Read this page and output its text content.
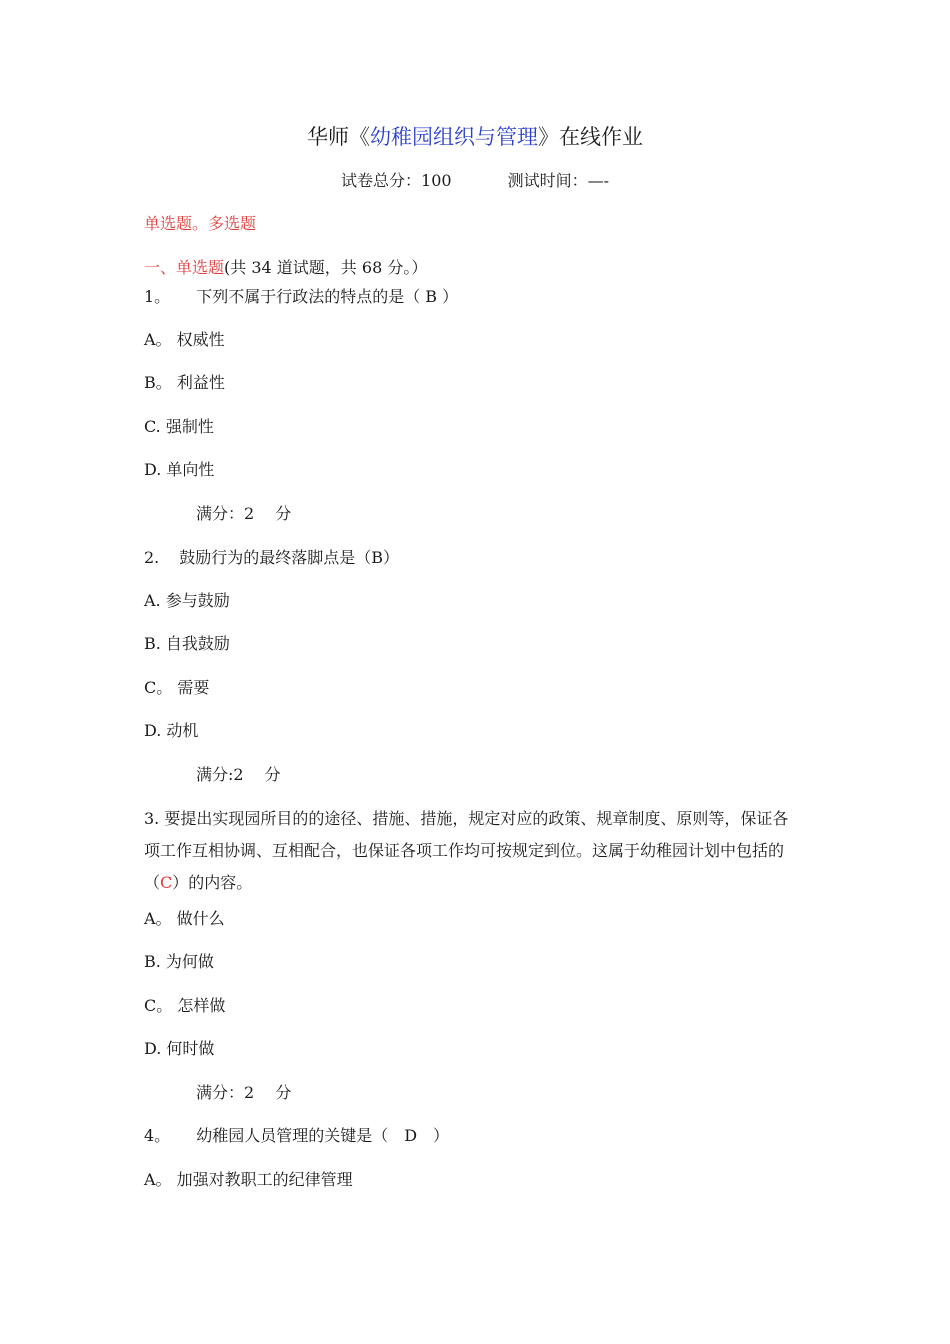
华师《幼稚园组织与管理》在线作业
试卷总分：100	测试时间：—-
单选题。多选题
一、单选题(共 34 道试题，共 68 分。）
1。 下列不属于行政法的特点的是（ B ）
A。 权威性
B。 利益性
C. 强制性
D. 单向性
满分：2　 分
2. 鼓励行为的最终落脚点是（B）
A. 参与鼓励
B. 自我鼓励
C。 需要
D. 动机
满分:2　 分
3. 要提出实现园所目的的途径、措施、措施，规定对应的政策、规章制度、原则等，保证各项工作互相协调、互相配合，也保证各项工作均可按规定到位。这属于幼稚园计划中包括的（C）的内容。
A。 做什么
B. 为何做
C。 怎样做
D. 何时做
满分：2　 分
4。 幼稚园人员管理的关键是（　D　）
A。 加强对教职工的纪律管理
